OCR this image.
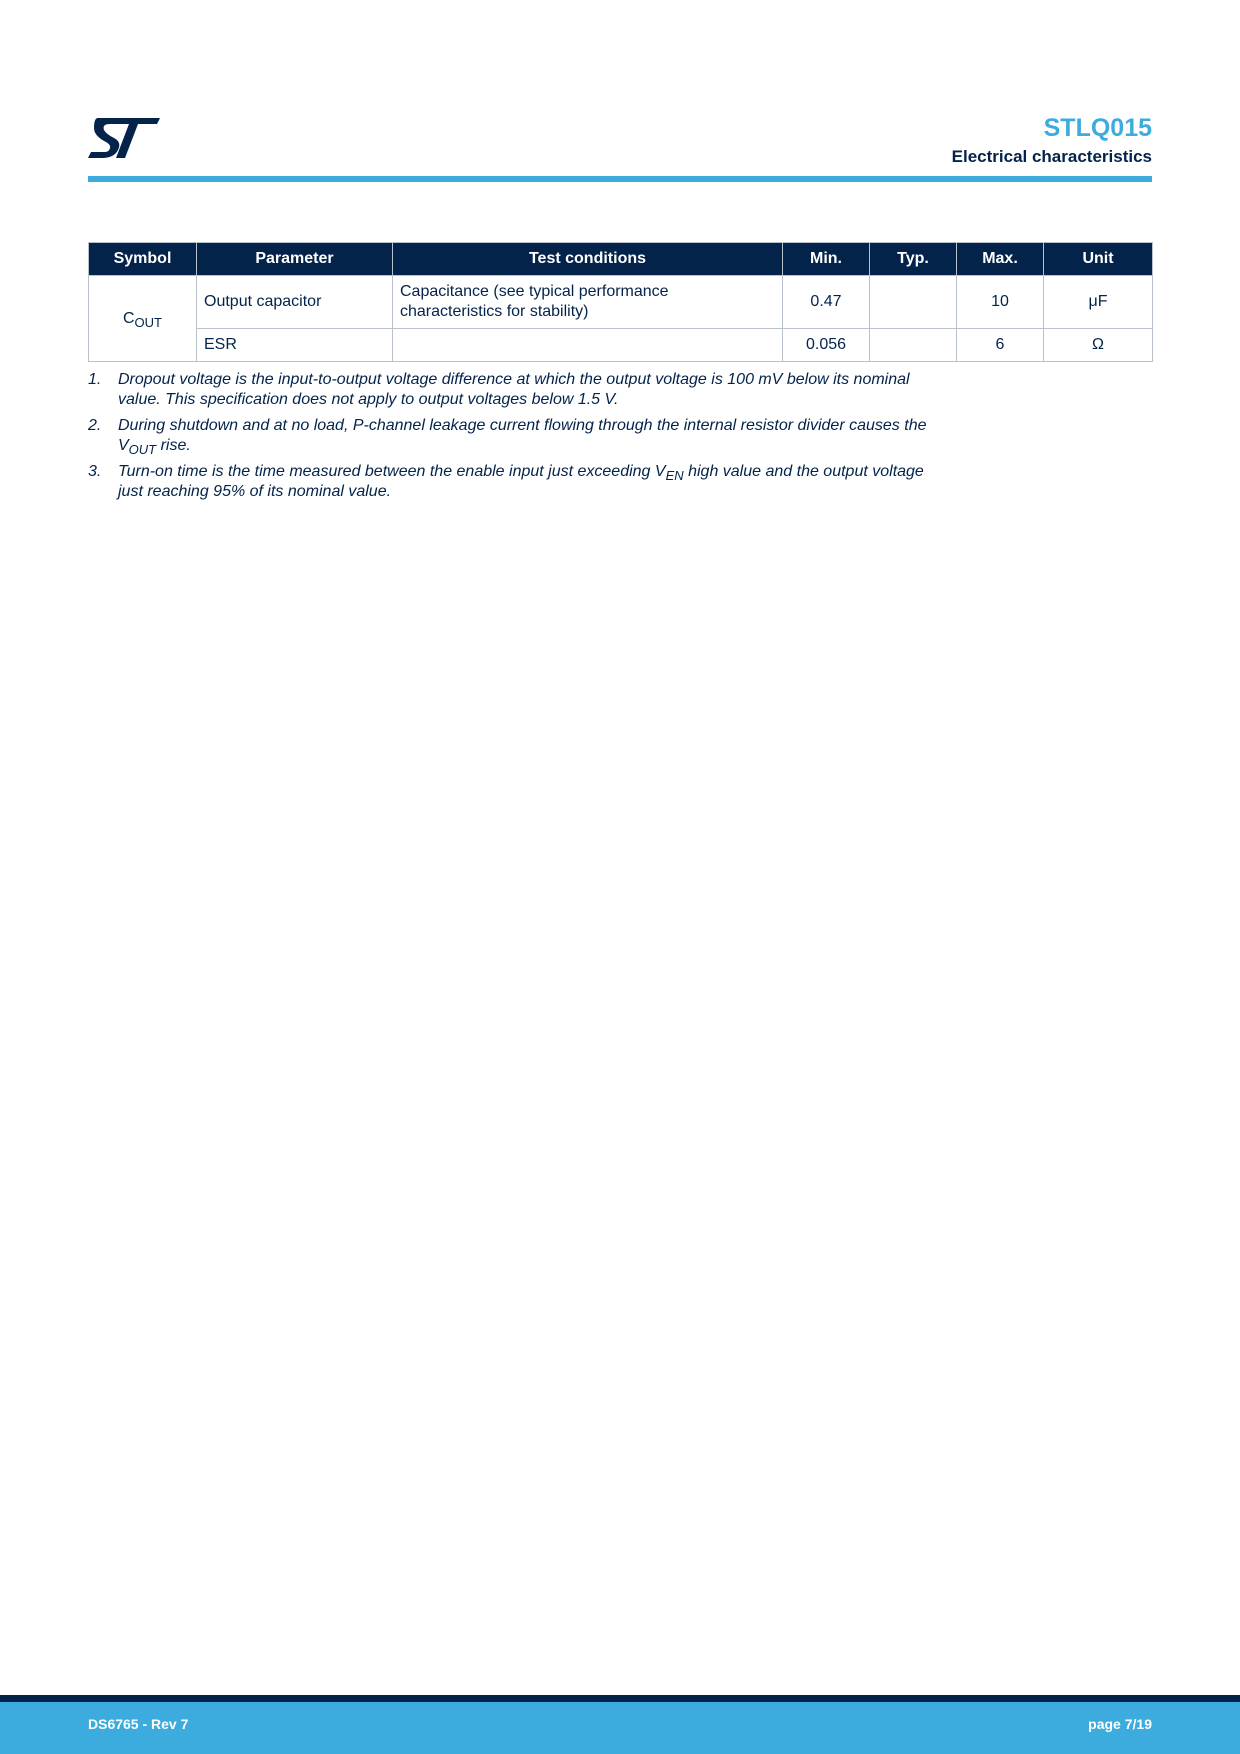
STLQ015
Electrical characteristics
Symbol	Parameter	Test conditions	Min.	Typ.	Max.	Unit
$C_{OUT}$	Output capacitor	Capacitance (see typical performance characteristics for stability)	0.47		10	μF
	ESR		0.056		6	Ω
1.	Dropout voltage is the input-to-output voltage difference at which the output voltage is 100 mV below its nominal value. This specification does not apply to output voltages below 1.5 V.
2.	During shutdown and at no load, P-channel leakage current flowing through the internal resistor divider causes the $V_{OUT}$ rise.
3.	Turn-on time is the time measured between the enable input just exceeding $V_{EN}$ high value and the output voltage just reaching 95% of its nominal value.
DS6765 - Rev 7	page 7/19
